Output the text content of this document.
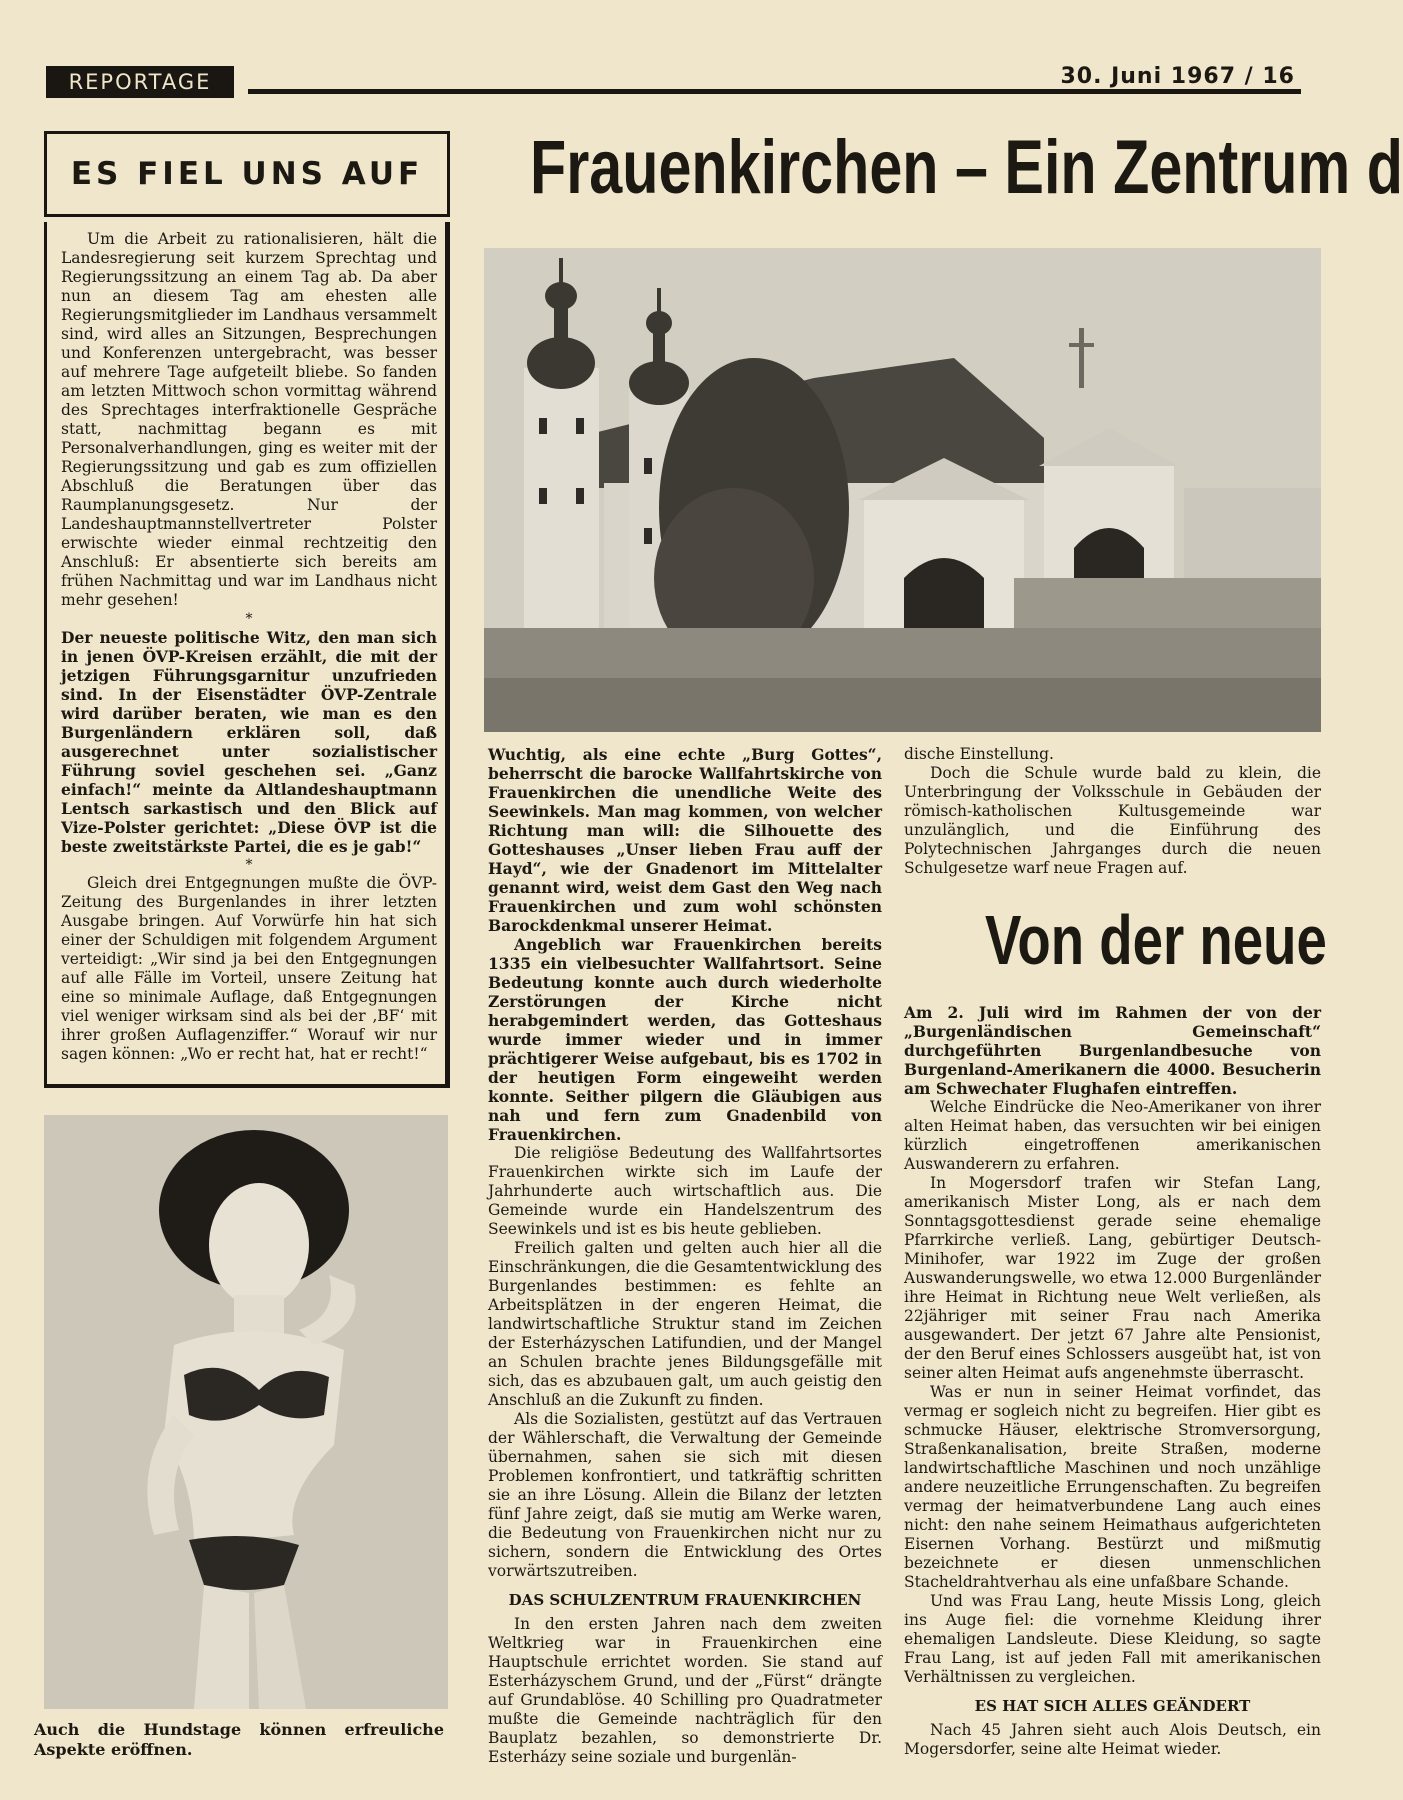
REPORTAGE	30. Juni 1967 / 16
ES FIEL UNS AUF

Um die Arbeit zu rationalisieren, hält die Landesregierung seit kurzem Sprechtag und Regierungssitzung an einem Tag ab. Da aber nun an diesem Tag am ehesten alle Regierungsmitglieder im Landhaus versammelt sind, wird alles an Sitzungen, Besprechungen und Konferenzen untergebracht, was besser auf mehrere Tage aufgeteilt bliebe. So fanden am letzten Mittwoch schon vormittag während des Sprechtages interfraktionelle Gespräche statt, nachmittag begann es mit Personalverhandlungen, ging es weiter mit der Regierungssitzung und gab es zum offiziellen Abschluß die Beratungen über das Raumplanungsgesetz. Nur der Landeshauptmannstellvertreter Polster erwischte wieder einmal rechtzeitig den Anschluß: Er absentierte sich bereits am frühen Nachmittag und war im Landhaus nicht mehr gesehen!

*

Der neueste politische Witz, den man sich in jenen ÖVP-Kreisen erzählt, die mit der jetzigen Führungsgarnitur unzufrieden sind. In der Eisenstädter ÖVP-Zentrale wird darüber beraten, wie man es den Burgenländern erklären soll, daß ausgerechnet unter sozialistischer Führung soviel geschehen sei. „Ganz einfach!“ meinte da Altlandeshauptmann Lentsch sarkastisch und den Blick auf Vize-Polster gerichtet: „Diese ÖVP ist die beste zweitstärkste Partei, die es je gab!“

*

Gleich drei Entgegnungen mußte die ÖVP-Zeitung des Burgenlandes in ihrer letzten Ausgabe bringen. Auf Vorwürfe hin hat sich einer der Schuldigen mit folgendem Argument verteidigt: „Wir sind ja bei den Entgegnungen auf alle Fälle im Vorteil, unsere Zeitung hat eine so minimale Auflage, daß Entgegnungen viel weniger wirksam sind als bei der ‚BF‘ mit ihrer großen Auflagenziffer.“ Worauf wir nur sagen können: „Wo er recht hat, hat er recht!“

Frauenkirchen – Ein Zentrum d

Wuchtig, als eine echte „Burg Gottes“, beherrscht die barocke Wallfahrtskirche von Frauenkirchen die unendliche Weite des Seewinkels. Man mag kommen, von welcher Richtung man will: die Silhouette des Gotteshauses „Unser lieben Frau auff der Hayd“, wie der Gnadenort im Mittelalter genannt wird, weist dem Gast den Weg nach Frauenkirchen und zum wohl schönsten Barockdenkmal unserer Heimat.

Angeblich war Frauenkirchen bereits 1335 ein vielbesuchter Wallfahrtsort. Seine Bedeutung konnte auch durch wiederholte Zerstörungen der Kirche nicht herabgemindert werden, das Gotteshaus wurde immer wieder und in immer prächtigerer Weise aufgebaut, bis es 1702 in der heutigen Form eingeweiht werden konnte. Seither pilgern die Gläubigen aus nah und fern zum Gnadenbild von Frauenkirchen.

Die religiöse Bedeutung des Wallfahrtsortes Frauenkirchen wirkte sich im Laufe der Jahrhunderte auch wirtschaftlich aus. Die Gemeinde wurde ein Handelszentrum des Seewinkels und ist es bis heute geblieben.

Freilich galten und gelten auch hier all die Einschränkungen, die die Gesamtentwicklung des Burgenlandes bestimmen: es fehlte an Arbeitsplätzen in der engeren Heimat, die landwirtschaftliche Struktur stand im Zeichen der Esterházyschen Latifundien, und der Mangel an Schulen brachte jenes Bildungsgefälle mit sich, das es abzubauen galt, um auch geistig den Anschluß an die Zukunft zu finden.

Als die Sozialisten, gestützt auf das Vertrauen der Wählerschaft, die Verwaltung der Gemeinde übernahmen, sahen sie sich mit diesen Problemen konfrontiert, und tatkräftig schritten sie an ihre Lösung. Allein die Bilanz der letzten fünf Jahre zeigt, daß sie mutig am Werke waren, die Bedeutung von Frauenkirchen nicht nur zu sichern, sondern die Entwicklung des Ortes vorwärtszutreiben.

DAS SCHULZENTRUM FRAUENKIRCHEN

In den ersten Jahren nach dem zweiten Weltkrieg war in Frauenkirchen eine Hauptschule errichtet worden. Sie stand auf Esterházyschem Grund, und der „Fürst“ drängte auf Grundablöse. 40 Schilling pro Quadratmeter mußte die Gemeinde nachträglich für den Bauplatz bezahlen, so demonstrierte Dr. Esterházy seine soziale und burgenlän-

dische Einstellung.

Doch die Schule wurde bald zu klein, die Unterbringung der Volksschule in Gebäuden der römisch-katholischen Kultusgemeinde war unzulänglich, und die Einführung des Polytechnischen Jahrganges durch die neuen Schulgesetze warf neue Fragen auf.

Am 2. Juli wird im Rahmen der von der „Burgenländischen Gemeinschaft“ durchgeführten Burgenlandbesuche von Burgenland-Amerikanern die 4000. Besucherin am Schwechater Flughafen eintreffen.

Welche Eindrücke die Neo-Amerikaner von ihrer alten Heimat haben, das versuchten wir bei einigen kürzlich eingetroffenen amerikanischen Auswanderern zu erfahren.

In Mogersdorf trafen wir Stefan Lang, amerikanisch Mister Long, als er nach dem Sonntagsgottesdienst gerade seine ehemalige Pfarrkirche verließ. Lang, gebürtiger Deutsch-Minihofer, war 1922 im Zuge der großen Auswanderungswelle, wo etwa 12.000 Burgenländer ihre Heimat in Richtung neue Welt verließen, als 22jähriger mit seiner Frau nach Amerika ausgewandert. Der jetzt 67 Jahre alte Pensionist, der den Beruf eines Schlossers ausgeübt hat, ist von seiner alten Heimat aufs angenehmste überrascht.

Was er nun in seiner Heimat vorfindet, das vermag er sogleich nicht zu begreifen. Hier gibt es schmucke Häuser, elektrische Stromversorgung, Straßenkanalisation, breite Straßen, moderne landwirtschaftliche Maschinen und noch unzählige andere neuzeitliche Errungenschaften. Zu begreifen vermag der heimatverbundene Lang auch eines nicht: den nahe seinem Heimathaus aufgerichteten Eisernen Vorhang. Bestürzt und mißmutig bezeichnete er diesen unmenschlichen Stacheldrahtverhau als eine unfaßbare Schande.

Und was Frau Lang, heute Missis Long, gleich ins Auge fiel: die vornehme Kleidung ihrer ehemaligen Landsleute. Diese Kleidung, so sagte Frau Lang, ist auf jeden Fall mit amerikanischen Verhältnissen zu vergleichen.

ES HAT SICH ALLES GEÄNDERT

Nach 45 Jahren sieht auch Alois Deutsch, ein Mogersdorfer, seine alte Heimat wieder.

Von der neue
Auch die Hundstage können erfreuliche Aspekte eröffnen.
